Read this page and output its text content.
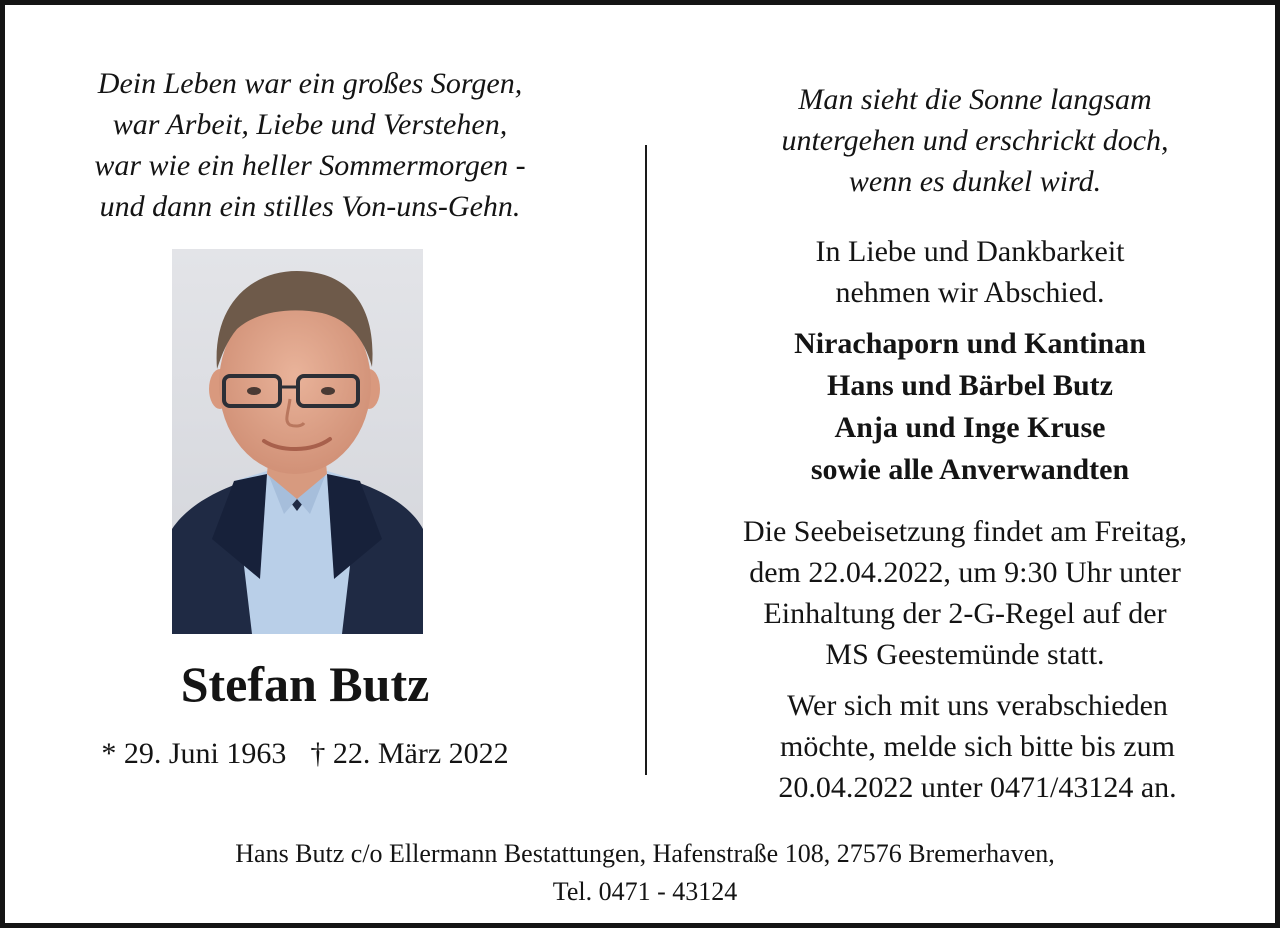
Dein Leben war ein großes Sorgen,
war Arbeit, Liebe und Verstehen,
war wie ein heller Sommermorgen -
und dann ein stilles Von-uns-Gehn.
Stefan Butz
* 29. Juni 1963 † 22. März 2022
Man sieht die Sonne langsam
untergehen und erschrickt doch,
wenn es dunkel wird.
In Liebe und Dankbarkeit
nehmen wir Abschied.
Nirachaporn und Kantinan
Hans und Bärbel Butz
Anja und Inge Kruse
sowie alle Anverwandten
Die Seebeisetzung findet am Freitag,
dem 22.04.2022, um 9:30 Uhr unter
Einhaltung der 2-G-Regel auf der
MS Geestemünde statt.
Wer sich mit uns verabschieden
möchte, melde sich bitte bis zum
20.04.2022 unter 0471/43124 an.
Hans Butz c/o Ellermann Bestattungen, Hafenstraße 108, 27576 Bremerhaven,
Tel. 0471 - 43124
